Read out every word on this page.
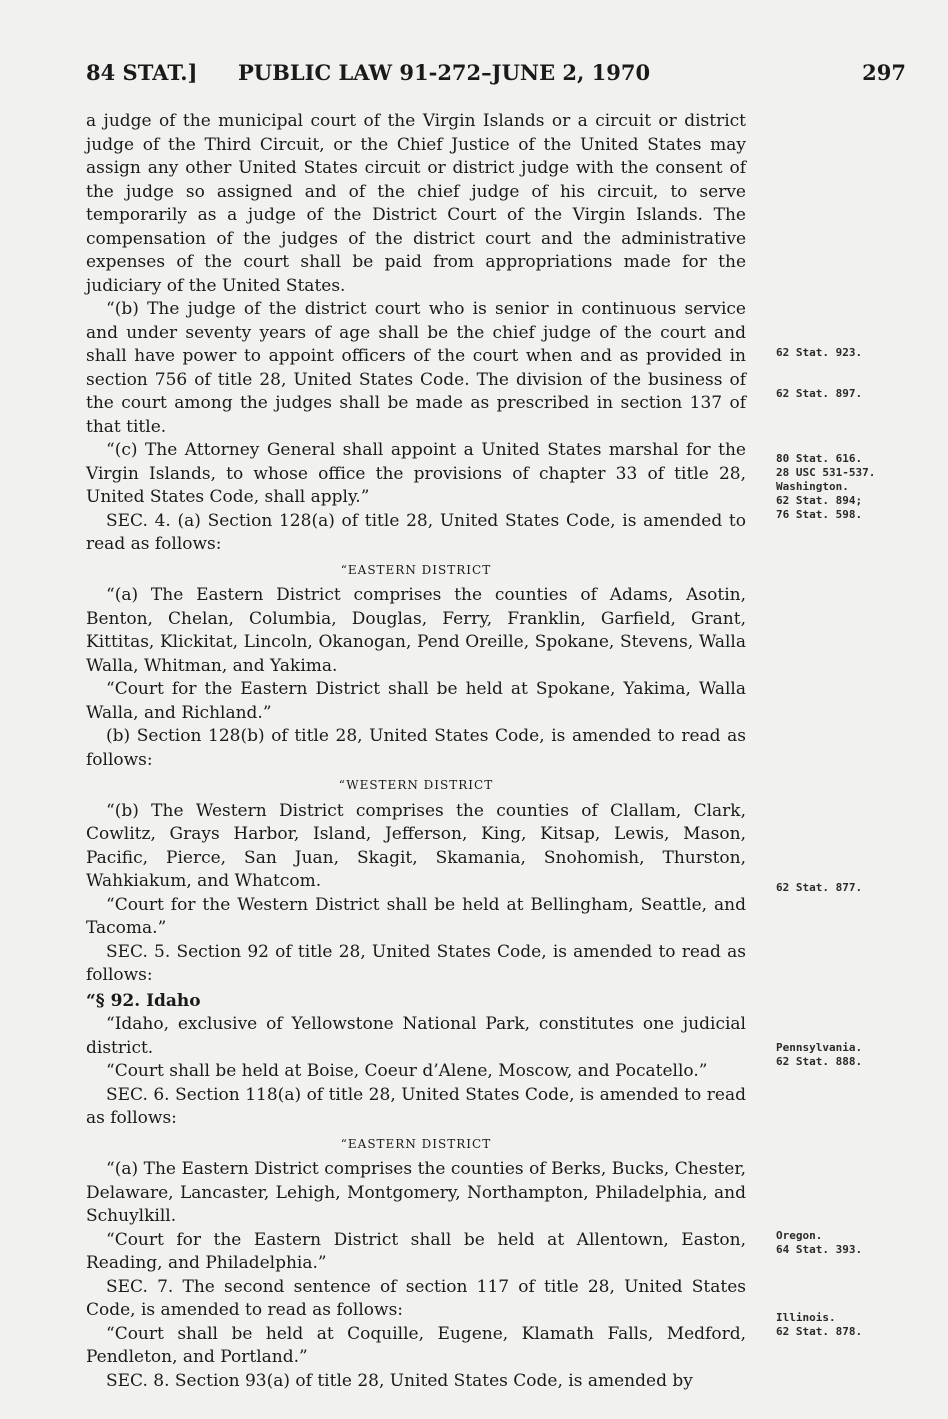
84 STAT.] PUBLIC LAW 91-272–JUNE 2, 1970	297

a judge of the municipal court of the Virgin Islands or a circuit or district judge of the Third Circuit, or the Chief Justice of the United States may assign any other United States circuit or district judge with the consent of the judge so assigned and of the chief judge of his circuit, to serve temporarily as a judge of the District Court of the Virgin Islands. The compensation of the judges of the district court and the administrative expenses of the court shall be paid from appropriations made for the judiciary of the United States.

“(b) The judge of the district court who is senior in continuous service and under seventy years of age shall be the chief judge of the court and shall have power to appoint officers of the court when and as provided in section 756 of title 28, United States Code. The division of the business of the court among the judges shall be made as prescribed in section 137 of that title.

“(c) The Attorney General shall appoint a United States marshal for the Virgin Islands, to whose office the provisions of chapter 33 of title 28, United States Code, shall apply.”

SEC. 4. (a) Section 128(a) of title 28, United States Code, is amended to read as follows:

“EASTERN DISTRICT

“(a) The Eastern District comprises the counties of Adams, Asotin, Benton, Chelan, Columbia, Douglas, Ferry, Franklin, Garfield, Grant, Kittitas, Klickitat, Lincoln, Okanogan, Pend Oreille, Spokane, Stevens, Walla Walla, Whitman, and Yakima.

“Court for the Eastern District shall be held at Spokane, Yakima, Walla Walla, and Richland.”

(b) Section 128(b) of title 28, United States Code, is amended to read as follows:

“WESTERN DISTRICT

“(b) The Western District comprises the counties of Clallam, Clark, Cowlitz, Grays Harbor, Island, Jefferson, King, Kitsap, Lewis, Mason, Pacific, Pierce, San Juan, Skagit, Skamania, Snohomish, Thurston, Wahkiakum, and Whatcom.

“Court for the Western District shall be held at Bellingham, Seattle, and Tacoma.”

SEC. 5. Section 92 of title 28, United States Code, is amended to read as follows:

“§ 92. Idaho

“Idaho, exclusive of Yellowstone National Park, constitutes one judicial district.

“Court shall be held at Boise, Coeur d’Alene, Moscow, and Pocatello.”

SEC. 6. Section 118(a) of title 28, United States Code, is amended to read as follows:

“EASTERN DISTRICT

“(a) The Eastern District comprises the counties of Berks, Bucks, Chester, Delaware, Lancaster, Lehigh, Montgomery, Northampton, Philadelphia, and Schuylkill.

“Court for the Eastern District shall be held at Allentown, Easton, Reading, and Philadelphia.”

SEC. 7. The second sentence of section 117 of title 28, United States Code, is amended to read as follows:

“Court shall be held at Coquille, Eugene, Klamath Falls, Medford, Pendleton, and Portland.”

SEC. 8. Section 93(a) of title 28, United States Code, is amended by

62 Stat. 923.
62 Stat. 897.
80 Stat. 616.
28 USC 531-537.
Washington.
62 Stat. 894;
76 Stat. 598.
62 Stat. 877.
Pennsylvania.
62 Stat. 888.
Oregon.
64 Stat. 393.
Illinois.
62 Stat. 878.
